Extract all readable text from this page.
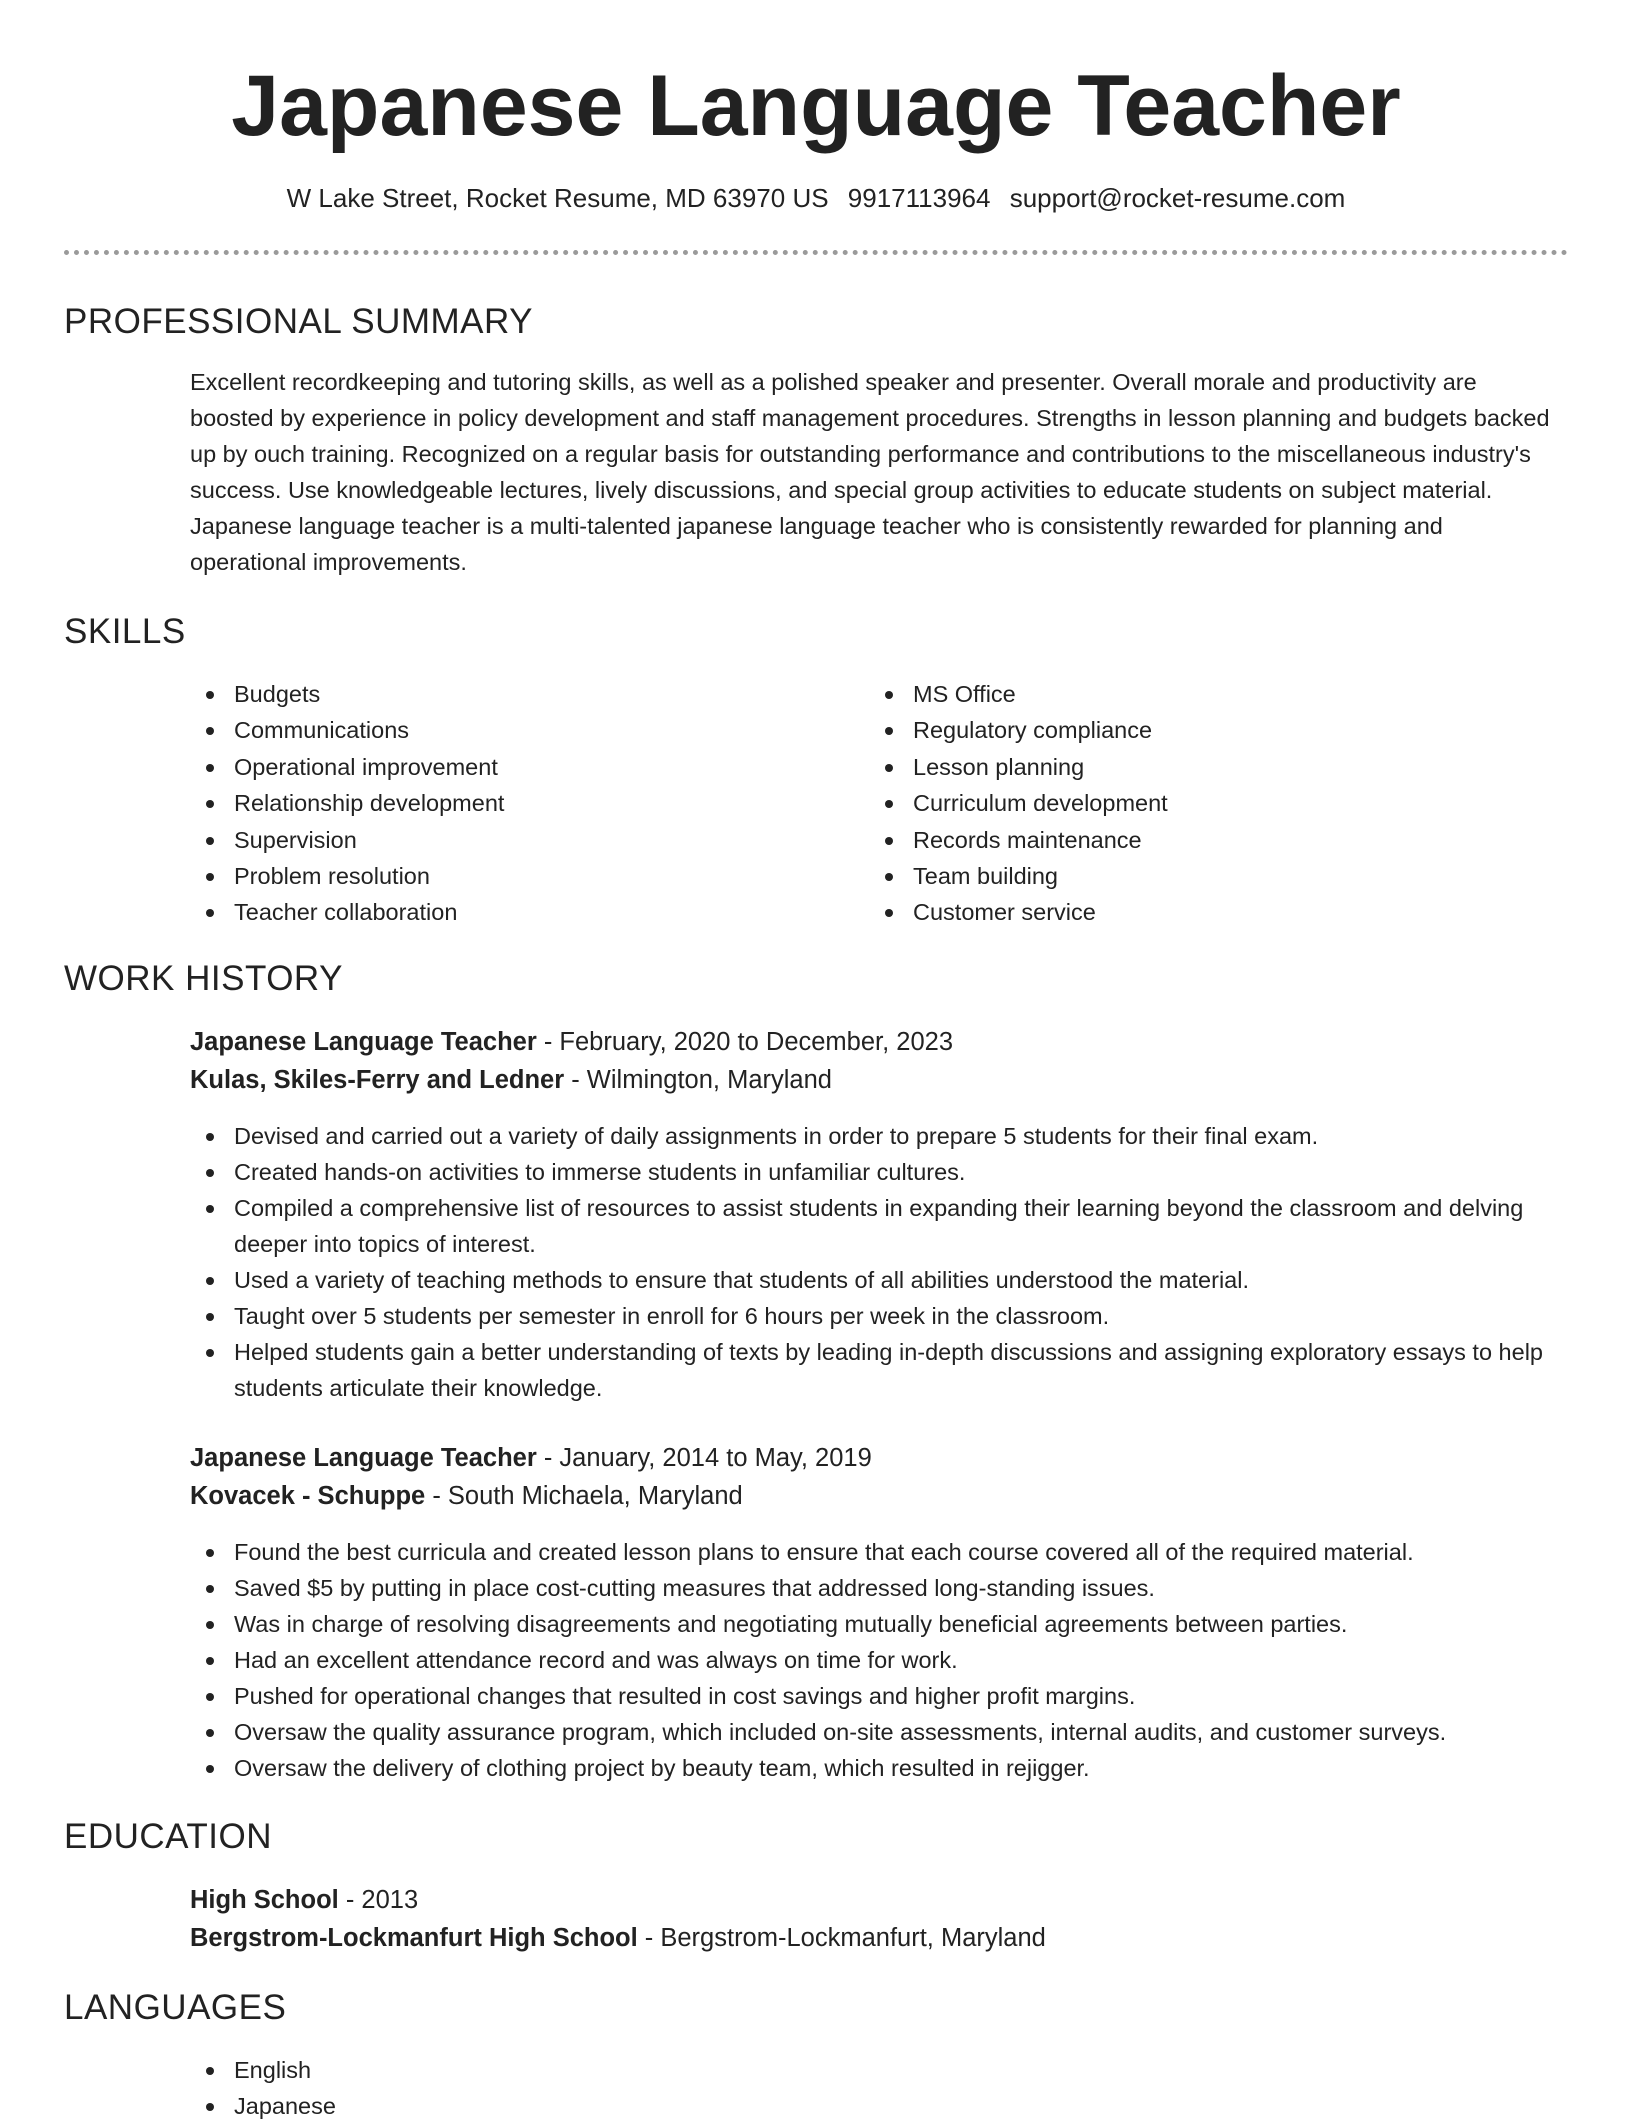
Japanese Language Teacher
W Lake Street, Rocket Resume, MD 63970 US 9917113964 support@rocket-resume.com
PROFESSIONAL SUMMARY

Excellent recordkeeping and tutoring skills, as well as a polished speaker and presenter. Overall morale and productivity are boosted by experience in policy development and staff management procedures. Strengths in lesson planning and budgets backed up by ouch training. Recognized on a regular basis for outstanding performance and contributions to the miscellaneous industry's success. Use knowledgeable lectures, lively discussions, and special group activities to educate students on subject material. Japanese language teacher is a multi-talented japanese language teacher who is consistently rewarded for planning and operational improvements.

SKILLS
Budgets
Communications
Operational improvement
Relationship development
Supervision
Problem resolution
Teacher collaboration
MS Office
Regulatory compliance
Lesson planning
Curriculum development
Records maintenance
Team building
Customer service
WORK HISTORY
Japanese Language Teacher - February, 2020 to December, 2023
Kulas, Skiles-Ferry and Ledner - Wilmington, Maryland
Devised and carried out a variety of daily assignments in order to prepare 5 students for their final exam.
Created hands-on activities to immerse students in unfamiliar cultures.
Compiled a comprehensive list of resources to assist students in expanding their learning beyond the classroom and delving deeper into topics of interest.
Used a variety of teaching methods to ensure that students of all abilities understood the material.
Taught over 5 students per semester in enroll for 6 hours per week in the classroom.
Helped students gain a better understanding of texts by leading in-depth discussions and assigning exploratory essays to help students articulate their knowledge.
Japanese Language Teacher - January, 2014 to May, 2019
Kovacek - Schuppe - South Michaela, Maryland
Found the best curricula and created lesson plans to ensure that each course covered all of the required material.
Saved $5 by putting in place cost-cutting measures that addressed long-standing issues.
Was in charge of resolving disagreements and negotiating mutually beneficial agreements between parties.
Had an excellent attendance record and was always on time for work.
Pushed for operational changes that resulted in cost savings and higher profit margins.
Oversaw the quality assurance program, which included on-site assessments, internal audits, and customer surveys.
Oversaw the delivery of clothing project by beauty team, which resulted in rejigger.
EDUCATION
High School - 2013
Bergstrom-Lockmanfurt High School - Bergstrom-Lockmanfurt, Maryland
LANGUAGES
English
Japanese
